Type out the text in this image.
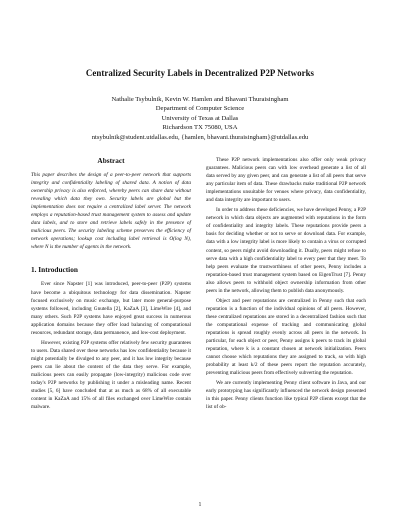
Centralized Security Labels in Decentralized P2P Networks
Nathalie Tsybulnik, Kevin W. Hamlen and Bhavani Thuraisingham
Department of Computer Science
University of Texas at Dallas
Richardson TX 75080, USA
ntsybulnik@student.utdallas.edu, {hamlen, bhavani.thuraisingham}@utdallas.edu
Abstract

This paper describes the design of a peer-to-peer network that supports integrity and confidentiality labeling of shared data. A notion of data ownership privacy is also enforced, whereby peers can share data without revealing which data they own. Security labels are global but the implementation does not require a centralized label server. The network employs a reputation-based trust management system to assess and update data labels, and to store and retrieve labels safely in the presence of malicious peers. The security labeling scheme preserves the efficiency of network operations; lookup cost including label retrieval is O(log N), where N is the number of agents in the network.

1. Introduction

Ever since Napster [1] was introduced, peer-to-peer (P2P) systems have become a ubiquitous technology for data dissemination. Napster focused exclusively on music exchange, but later more general-purpose systems followed, including Gnutella [2], KaZaA [3], LimeWire [4], and many others. Such P2P systems have enjoyed great success in numerous application domains because they offer load balancing of computational resources, redundant storage, data permanence, and low-cost deployment.

However, existing P2P systems offer relatively few security guarantees to users. Data shared over these networks has low confidentiality because it might potentially be divulged to any peer, and it has low integrity because peers can lie about the content of the data they serve. For example, malicious peers can easily propagate (low-integrity) malicious code over today's P2P networks by publishing it under a misleading name. Recent studies [5, 6] have concluded that at as much as 68% of all executable content in KaZaA and 15% of all files exchanged over LimeWire contain malware.

These P2P network implementations also offer only weak privacy guarantees. Malicious peers can with low overhead generate a list of all data served by any given peer, and can generate a list of all peers that serve any particular item of data. These drawbacks make traditional P2P network implementations unsuitable for venues where privacy, data confidentiality, and data integrity are important to users.

In order to address these deficiencies, we have developed Penny, a P2P network in which data objects are augmented with reputations in the form of confidentiality and integrity labels. These reputations provide peers a basis for deciding whether or not to serve or download data. For example, data with a low integrity label is more likely to contain a virus or corrupted content, so peers might avoid downloading it. Dually, peers might refuse to serve data with a high confidentiality label to every peer that they meet. To help peers evaluate the trustworthiness of other peers, Penny includes a reputation-based trust management system based on EigenTrust [7]. Penny also allows peers to withhold object ownership information from other peers in the network, allowing them to publish data anonymously.

Object and peer reputations are centralized in Penny such that each reputation is a function of the individual opinions of all peers. However, these centralized reputations are stored in a decentralized fashion such that the computational expense of tracking and communicating global reputations is spread roughly evenly across all peers in the network. In particular, for each object or peer, Penny assigns k peers to track its global reputation, where k is a constant chosen at network initialization. Peers cannot choose which reputations they are assigned to track, so with high probability at least k/2 of these peers report the reputation accurately, preventing malicious peers from effectively subverting the reputation.

We are currently implementing Penny client software in Java, and our early prototyping has significantly influenced the network design presented in this paper. Penny clients function like typical P2P clients except that the list of ob-

1
